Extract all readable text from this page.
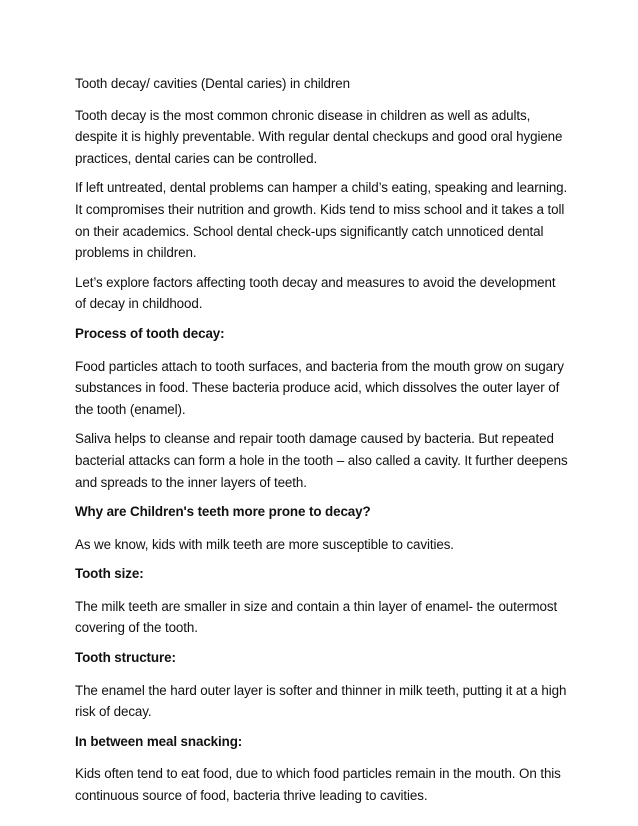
Tooth decay/ cavities (Dental caries) in children

Tooth decay is the most common chronic disease in children as well as adults, despite it is highly preventable. With regular dental checkups and good oral hygiene practices, dental caries can be controlled.

If left untreated, dental problems can hamper a child’s eating, speaking and learning. It compromises their nutrition and growth. Kids tend to miss school and it takes a toll on their academics. School dental check-ups significantly catch unnoticed dental problems in children.

Let’s explore factors affecting tooth decay and measures to avoid the development of decay in childhood.

Process of tooth decay:

Food particles attach to tooth surfaces, and bacteria from the mouth grow on sugary substances in food. These bacteria produce acid, which dissolves the outer layer of the tooth (enamel).

Saliva helps to cleanse and repair tooth damage caused by bacteria. But repeated bacterial attacks can form a hole in the tooth – also called a cavity. It further deepens and spreads to the inner layers of teeth.

Why are Children's teeth more prone to decay?

As we know, kids with milk teeth are more susceptible to cavities.

Tooth size:

The milk teeth are smaller in size and contain a thin layer of enamel- the outermost covering of the tooth.

Tooth structure:

The enamel the hard outer layer is softer and thinner in milk teeth, putting it at a high risk of decay.

In between meal snacking:

Kids often tend to eat food, due to which food particles remain in the mouth. On this continuous source of food, bacteria thrive leading to cavities.
